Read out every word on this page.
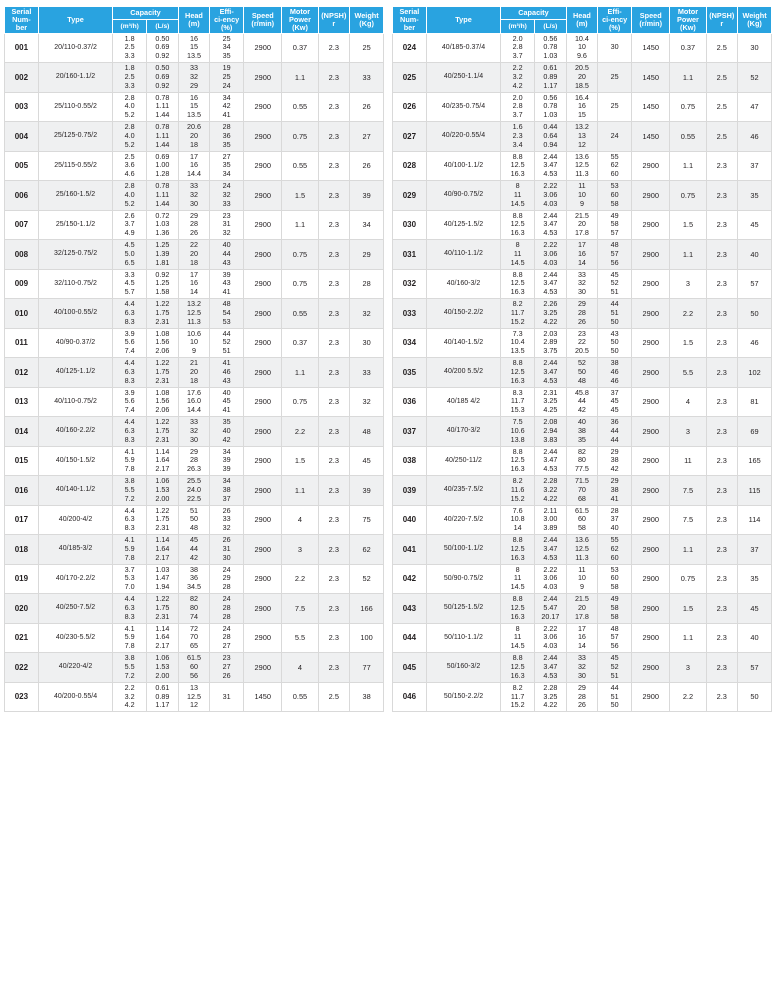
Serial
Num-
ber	Type	Capacity		Head
(m)	Effi-
ci-ency
(%)	Speed
(r/min)	Motor
Power
(Kw)	(NPSH)
r	Weight
(Kg)
		(m³/h)	(L/s)						
001	20/110-0.37/2	1.8
2.5
3.3	0.50
0.69
0.92	16
15
13.5	25
34
35	2900	0.37	2.3	25
002	20/160-1.1/2	1.8
2.5
3.3	0.50
0.69
0.92	33
32
29	19
25
24	2900	1.1	2.3	33
003	25/110-0.55/2	2.8
4.0
5.2	0.78
1.11
1.44	16
15
13.5	34
42
41	2900	0.55	2.3	26
004	25/125-0.75/2	2.8
4.0
5.2	0.78
1.11
1.44	20.6
20
18	28
36
35	2900	0.75	2.3	27
005	25/115-0.55/2	2.5
3.6
4.6	0.69
1.00
1.28	17
16
14.4	27
35
34	2900	0.55	2.3	26
006	25/160-1.5/2	2.8
4.0
5.2	0.78
1.11
1.44	33
32
30	24
32
33	2900	1.5	2.3	39
007	25/150-1.1/2	2.6
3.7
4.9	0.72
1.03
1.36	29
28
26	23
31
32	2900	1.1	2.3	34
008	32/125-0.75/2	4.5
5.0
6.5	1.25
1.39
1.81	22
20
18	40
44
43	2900	0.75	2.3	29
009	32/110-0.75/2	3.3
4.5
5.7	0.92
1.25
1.58	17
16
14	39
43
41	2900	0.75	2.3	28
010	40/100-0.55/2	4.4
6.3
8.3	1.22
1.75
2.31	13.2
12.5
11.3	48
54
53	2900	0.55	2.3	32
011	40/90-0.37/2	3.9
5.6
7.4	1.08
1.56
2.06	10.6
10
9	44
52
51	2900	0.37	2.3	30
012	40/125-1.1/2	4.4
6.3
8.3	1.22
1.75
2.31	21
20
18	41
46
43	2900	1.1	2.3	33
013	40/110-0.75/2	3.9
5.6
7.4	1.08
1.56
2.06	17.6
16.0
14.4	40
45
41	2900	0.75	2.3	32
014	40/160-2.2/2	4.4
6.3
8.3	1.22
1.75
2.31	33
32
30	35
40
42	2900	2.2	2.3	48
015	40/150-1.5/2	4.1
5.9
7.8	1.14
1.64
2.17	29
28
26.3	34
39
39	2900	1.5	2.3	45
016	40/140-1.1/2	3.8
5.5
7.2	1.06
1.53
2.00	25.5
24.0
22.5	34
38
37	2900	1.1	2.3	39
017	40/200-4/2	4.4
6.3
8.3	1.22
1.75
2.31	51
50
48	26
33
32	2900	4	2.3	75
018	40/185-3/2	4.1
5.9
7.8	1.14
1.64
2.17	45
44
42	26
31
30	2900	3	2.3	62
019	40/170-2.2/2	3.7
5.3
7.0	1.03
1.47
1.94	38
36
34.5	24
29
28	2900	2.2	2.3	52
020	40/250-7.5/2	4.4
6.3
8.3	1.22
1.75
2.31	82
80
74	24
28
28	2900	7.5	2.3	166
021	40/230-5.5/2	4.1
5.9
7.8	1.14
1.64
2.17	72
70
65	24
28
27	2900	5.5	2.3	100
022	40/220-4/2	3.8
5.5
7.2	1.06
1.53
2.00	61.5
60
56	23
27
26	2900	4	2.3	77
023	40/200-0.55/4	2.2
3.2
4.2	0.61
0.89
1.17	13
12.5
12	31	1450	0.55	2.5	38
Serial
Num-
ber	Type	Capacity		Head
(m)	Effi-
ci-ency
(%)	Speed
(r/min)	Motor
Power
(Kw)	(NPSH)
r	Weight
(Kg)
		(m³/h)	(L/s)						
024	40/185-0.37/4	2.0
2.8
3.7	0.56
0.78
1.03	10.4
10
9.6	30	1450	0.37	2.5	30
025	40/250-1.1/4	2.2
3.2
4.2	0.61
0.89
1.17	20.5
20
18.5	25	1450	1.1	2.5	52
026	40/235-0.75/4	2.0
2.8
3.7	0.56
0.78
1.03	16.4
16
15	25	1450	0.75	2.5	47
027	40/220-0.55/4	1.6
2.3
3.4	0.44
0.64
0.94	13.2
13
12	24	1450	0.55	2.5	46
028	40/100-1.1/2	8.8
12.5
16.3	2.44
3.47
4.53	13.6
12.5
11.3	55
62
60	2900	1.1	2.3	37
029	40/90-0.75/2	8
11
14.5	2.22
3.06
4.03	11
10
9	53
60
58	2900	0.75	2.3	35
030	40/125-1.5/2	8.8
12.5
16.3	2.44
3.47
4.53	21.5
20
17.8	49
58
57	2900	1.5	2.3	45
031	40/110-1.1/2	8
11
14.5	2.22
3.06
4.03	17
16
14	48
57
56	2900	1.1	2.3	40
032	40/160-3/2	8.8
12.5
16.3	2.44
3.47
4.53	33
32
30	45
52
51	2900	3	2.3	57
033	40/150-2.2/2	8.2
11.7
15.2	2.26
3.25
4.22	29
28
26	44
51
50	2900	2.2	2.3	50
034	40/140-1.5/2	7.3
10.4
13.5	2.03
2.89
3.75	23
22
20.5	43
50
50	2900	1.5	2.3	46
035	40/200 5.5/2	8.8
12.5
16.3	2.44
3.47
4.53	52
50
48	38
46
46	2900	5.5	2.3	102
036	40/185 4/2	8.3
11.7
15.3	2.31
3.25
4.25	45.8
44
42	37
45
45	2900	4	2.3	81
037	40/170-3/2	7.5
10.6
13.8	2.08
2.94
3.83	40
38
35	36
44
44	2900	3	2.3	69
038	40/250-11/2	8.8
12.5
16.3	2.44
3.47
4.53	82
80
77.5	29
38
42	2900	11	2.3	165
039	40/235-7.5/2	8.2
11.6
15.2	2.28
3.22
4.22	71.5
70
68	29
38
41	2900	7.5	2.3	115
040	40/220-7.5/2	7.6
10.8
14	2.11
3.00
3.89	61.5
60
58	28
37
40	2900	7.5	2.3	114
041	50/100-1.1/2	8.8
12.5
16.3	2.44
3.47
4.53	13.6
12.5
11.3	55
62
60	2900	1.1	2.3	37
042	50/90-0.75/2	8
11
14.5	2.22
3.06
4.03	11
10
9	53
60
58	2900	0.75	2.3	35
043	50/125-1.5/2	8.8
12.5
16.3	2.44
5.47
20.17	21.5
20
17.8	49
58
58	2900	1.5	2.3	45
044	50/110-1.1/2	8
11
14.5	2.22
3.06
4.03	17
16
14	48
57
56	2900	1.1	2.3	40
045	50/160-3/2	8.8
12.5
16.3	2.44
3.47
4.53	33
32
30	45
52
51	2900	3	2.3	57
046	50/150-2.2/2	8.2
11.7
15.2	2.28
3.25
4.22	29
28
26	44
51
50	2900	2.2	2.3	50
